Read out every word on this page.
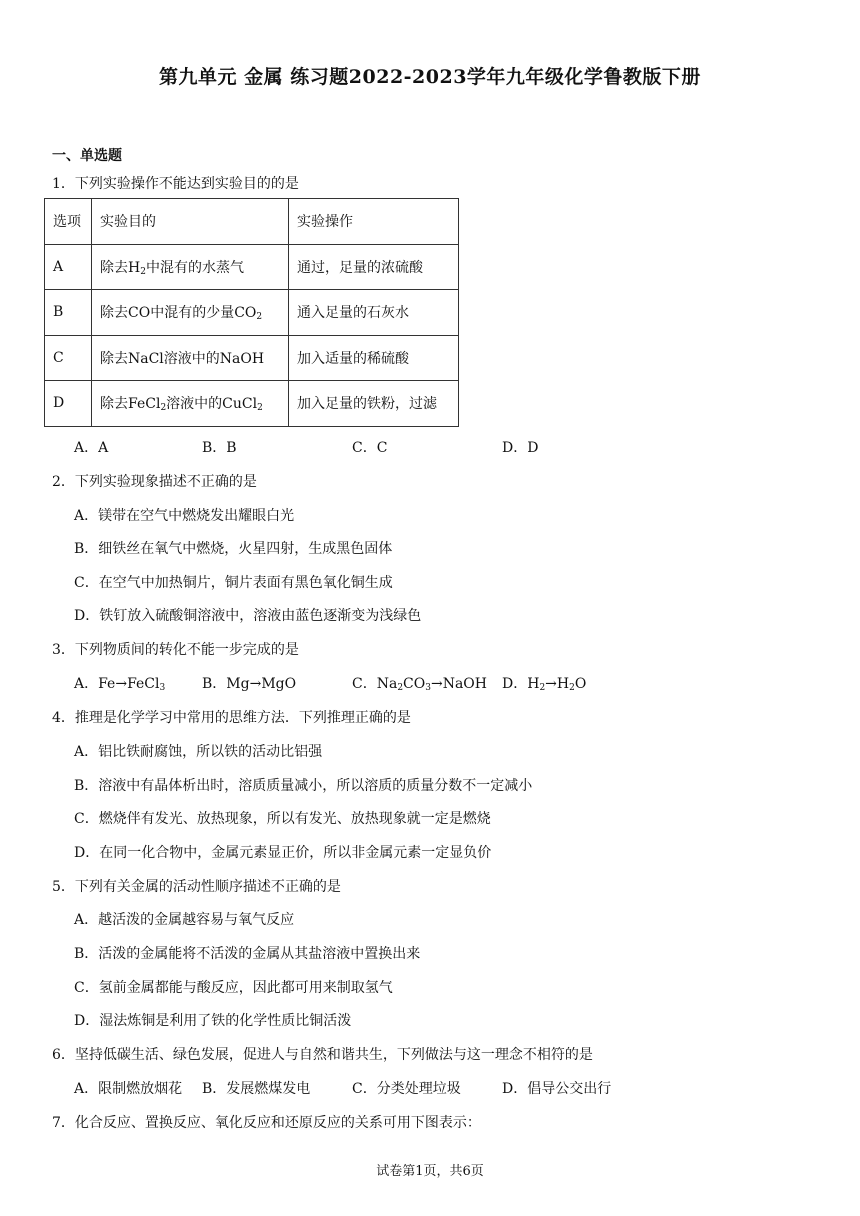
第九单元 金属 练习题2022-2023学年九年级化学鲁教版下册
一、单选题
1．下列实验操作不能达到实验目的的是
选项	实验目的	实验操作
A	除去$H_2$中混有的水蒸气	通过，足量的浓硫酸
B	除去CO中混有的少量$CO_2$	通入足量的石灰水
C	除去NaCl溶液中的NaOH	加入适量的稀硫酸
D	除去FeCl$_2$溶液中的CuCl$_2$	加入足量的铁粉，过滤
A．A	B．B	C．C	D．D
2．下列实验现象描述不正确的是
A．镁带在空气中燃烧发出耀眼白光
B．细铁丝在氧气中燃烧，火星四射，生成黑色固体
C．在空气中加热铜片，铜片表面有黑色氧化铜生成
D．铁钉放入硫酸铜溶液中，溶液由蓝色逐渐变为浅绿色
3．下列物质间的转化不能一步完成的是
A．Fe→FeCl$_3$	B．Mg→MgO	C．$Na_2CO_3\to NaOH$ D．$H_2\to H_2O$
4．推理是化学学习中常用的思维方法．下列推理正确的是
A．铝比铁耐腐蚀，所以铁的活动比铝强
B．溶液中有晶体析出时，溶质质量减小，所以溶质的质量分数不一定减小
C．燃烧伴有发光、放热现象，所以有发光、放热现象就一定是燃烧
D．在同一化合物中，金属元素显正价，所以非金属元素一定显负价
5．下列有关金属的活动性顺序描述不正确的是
A．越活泼的金属越容易与氧气反应
B．活泼的金属能将不活泼的金属从其盐溶液中置换出来
C．氢前金属都能与酸反应，因此都可用来制取氢气
D．湿法炼铜是利用了铁的化学性质比铜活泼
6．坚持低碳生活、绿色发展，促进人与自然和谐共生，下列做法与这一理念不相符的是
A．限制燃放烟花 B．发展燃煤发电	C．分类处理垃圾	D．倡导公交出行
7．化合反应、置换反应、氧化反应和还原反应的关系可用下图表示：
试卷第1页，共6页
